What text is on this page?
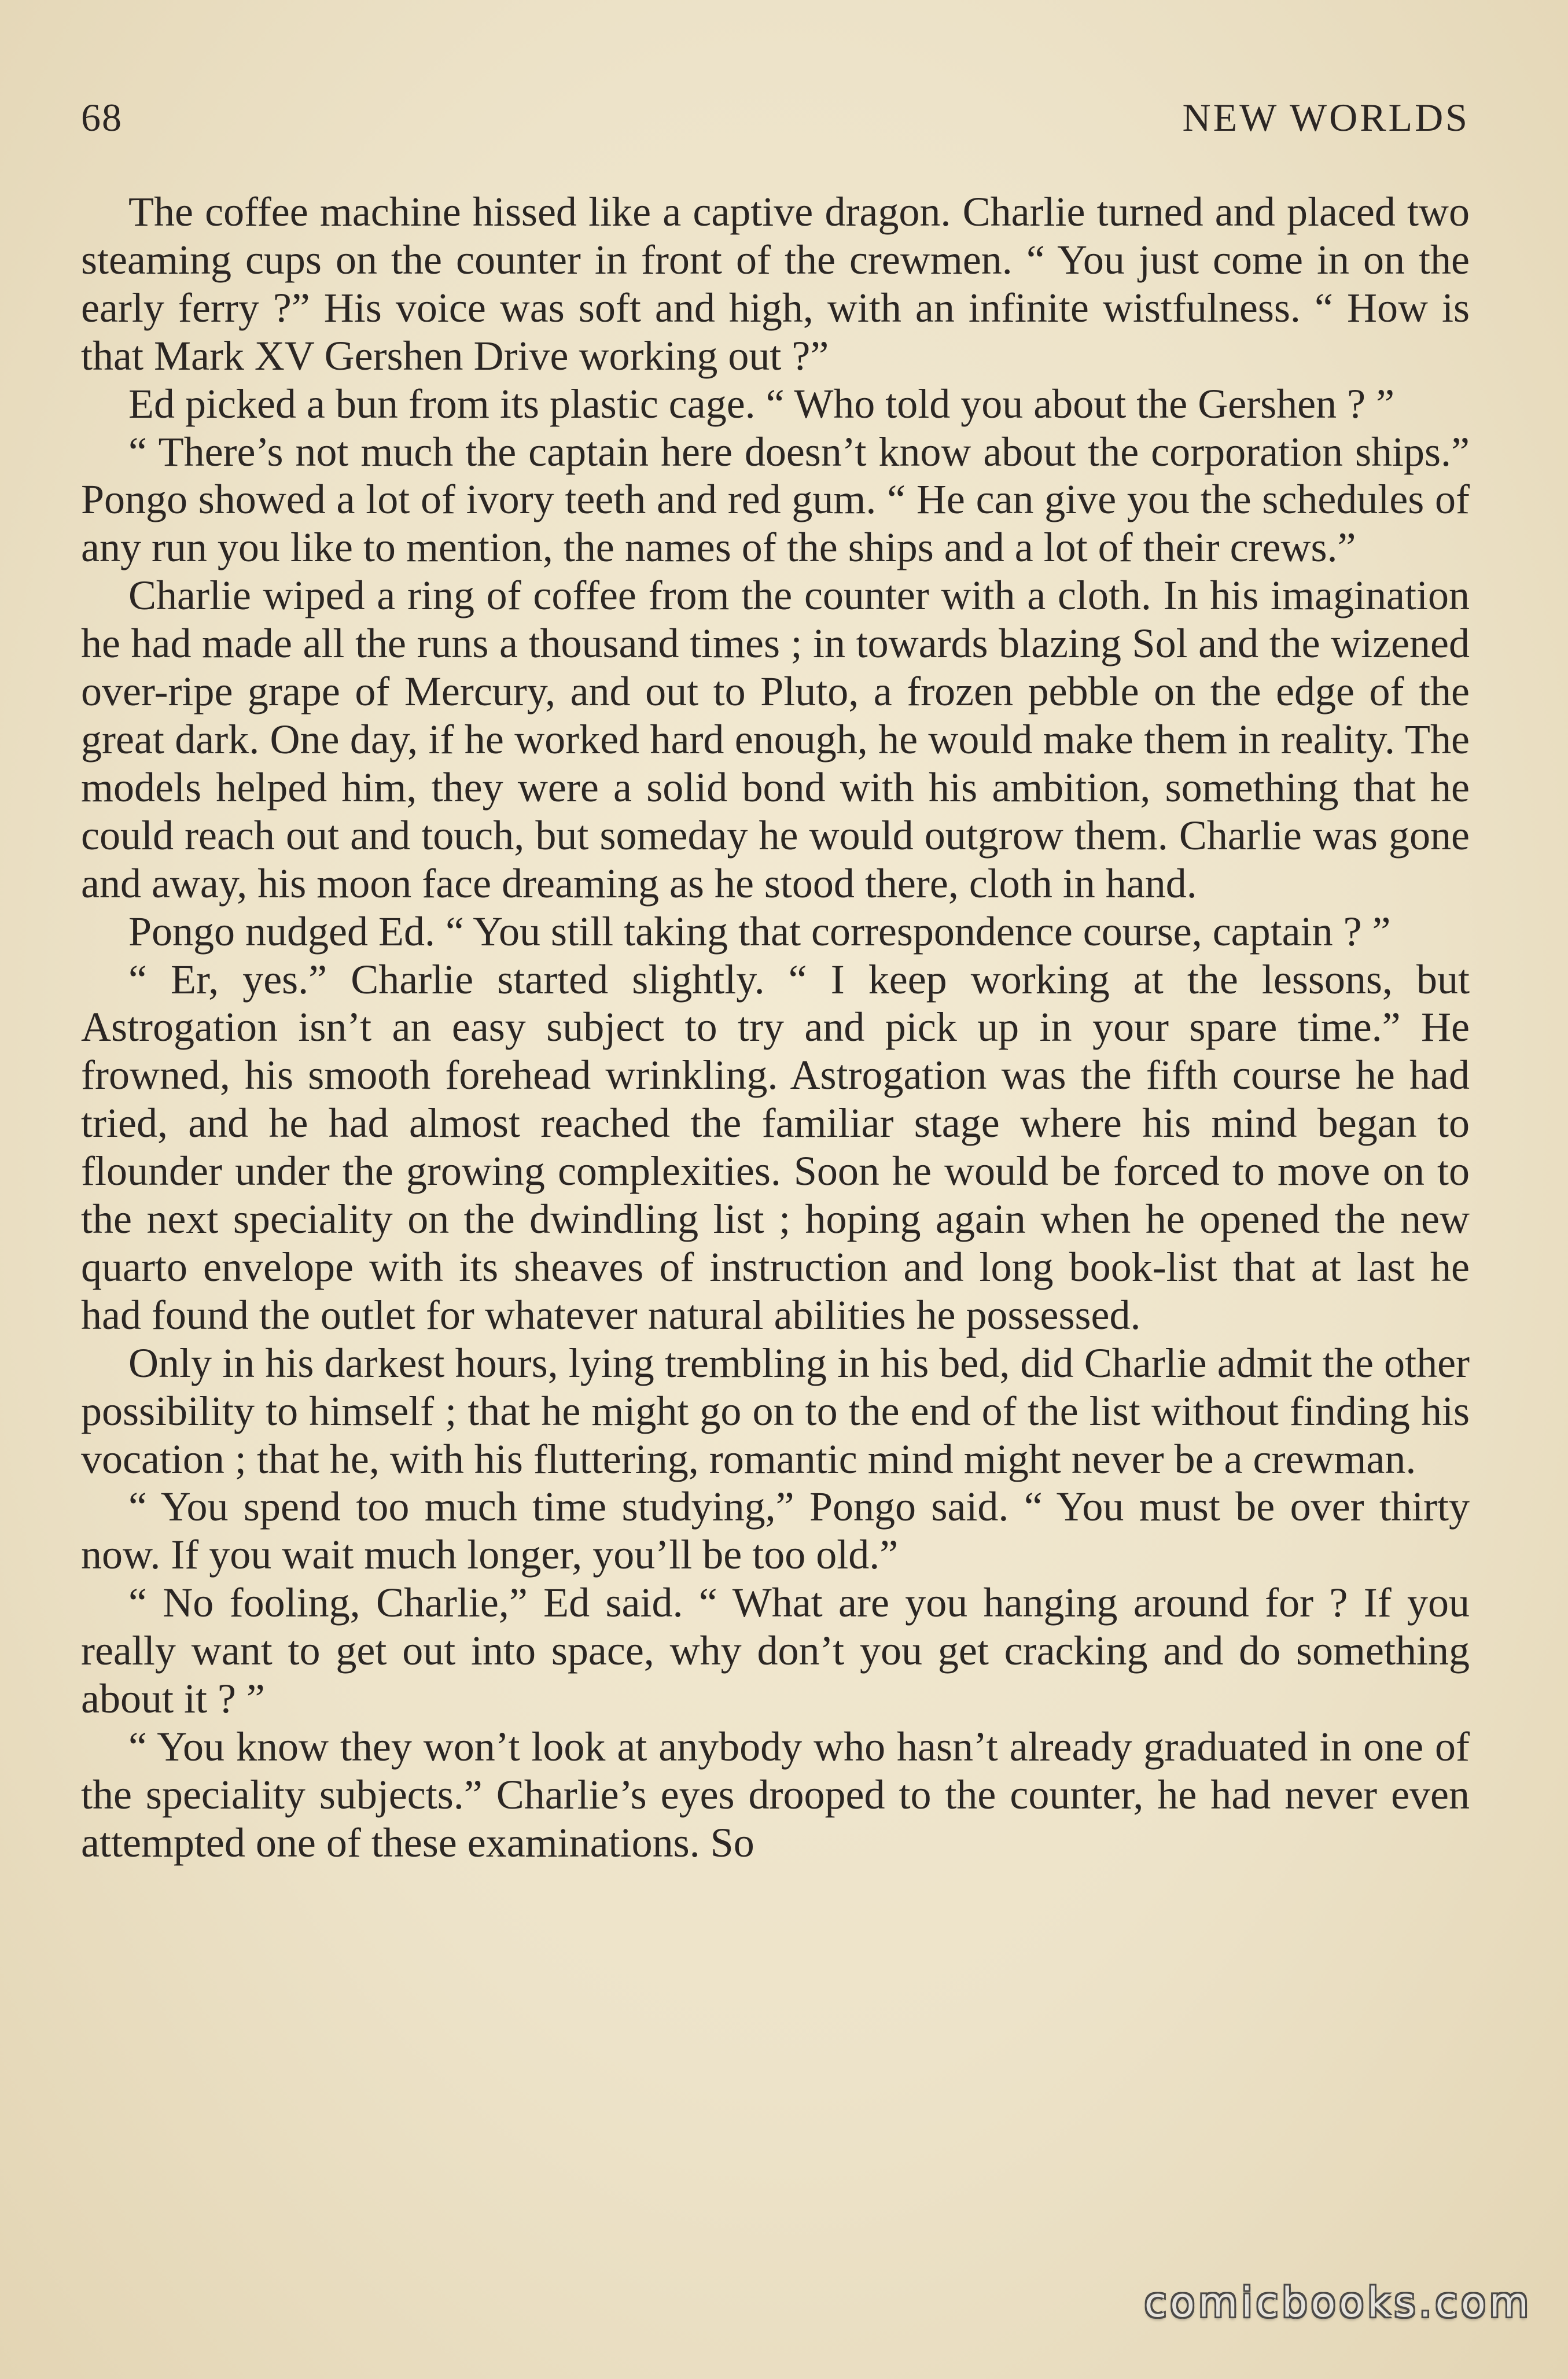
68	NEW WORLDS

The coffee machine hissed like a captive dragon. Charlie turned and placed two steaming cups on the counter in front of the crewmen. “ You just come in on the early ferry ?” His voice was soft and high, with an infinite wistfulness. “ How is that Mark XV Gershen Drive working out ?”

Ed picked a bun from its plastic cage. “ Who told you about the Gershen ? ”

“ There’s not much the captain here doesn’t know about the corporation ships.” Pongo showed a lot of ivory teeth and red gum. “ He can give you the schedules of any run you like to mention, the names of the ships and a lot of their crews.”

Charlie wiped a ring of coffee from the counter with a cloth. In his imagination he had made all the runs a thousand times ; in towards blazing Sol and the wizened over-ripe grape of Mercury, and out to Pluto, a frozen pebble on the edge of the great dark. One day, if he worked hard enough, he would make them in reality. The models helped him, they were a solid bond with his ambition, something that he could reach out and touch, but someday he would outgrow them. Charlie was gone and away, his moon face dreaming as he stood there, cloth in hand.

Pongo nudged Ed. “ You still taking that correspondence course, captain ? ”

“ Er, yes.” Charlie started slightly. “ I keep working at the lessons, but Astrogation isn’t an easy subject to try and pick up in your spare time.” He frowned, his smooth forehead wrinkling. Astrogation was the fifth course he had tried, and he had almost reached the familiar stage where his mind began to flounder under the growing complexities. Soon he would be forced to move on to the next speciality on the dwindling list ; hoping again when he opened the new quarto envelope with its sheaves of instruction and long book-list that at last he had found the outlet for whatever natural abilities he possessed.

Only in his darkest hours, lying trembling in his bed, did Charlie admit the other possibility to himself ; that he might go on to the end of the list without finding his vocation ; that he, with his fluttering, romantic mind might never be a crewman.

“ You spend too much time studying,” Pongo said. “ You must be over thirty now. If you wait much longer, you’ll be too old.”

“ No fooling, Charlie,” Ed said. “ What are you hanging around for ? If you really want to get out into space, why don’t you get cracking and do something about it ? ”

“ You know they won’t look at anybody who hasn’t already graduated in one of the speciality subjects.” Charlie’s eyes drooped to the counter, he had never even attempted one of these examinations. So

comicbooks.com
